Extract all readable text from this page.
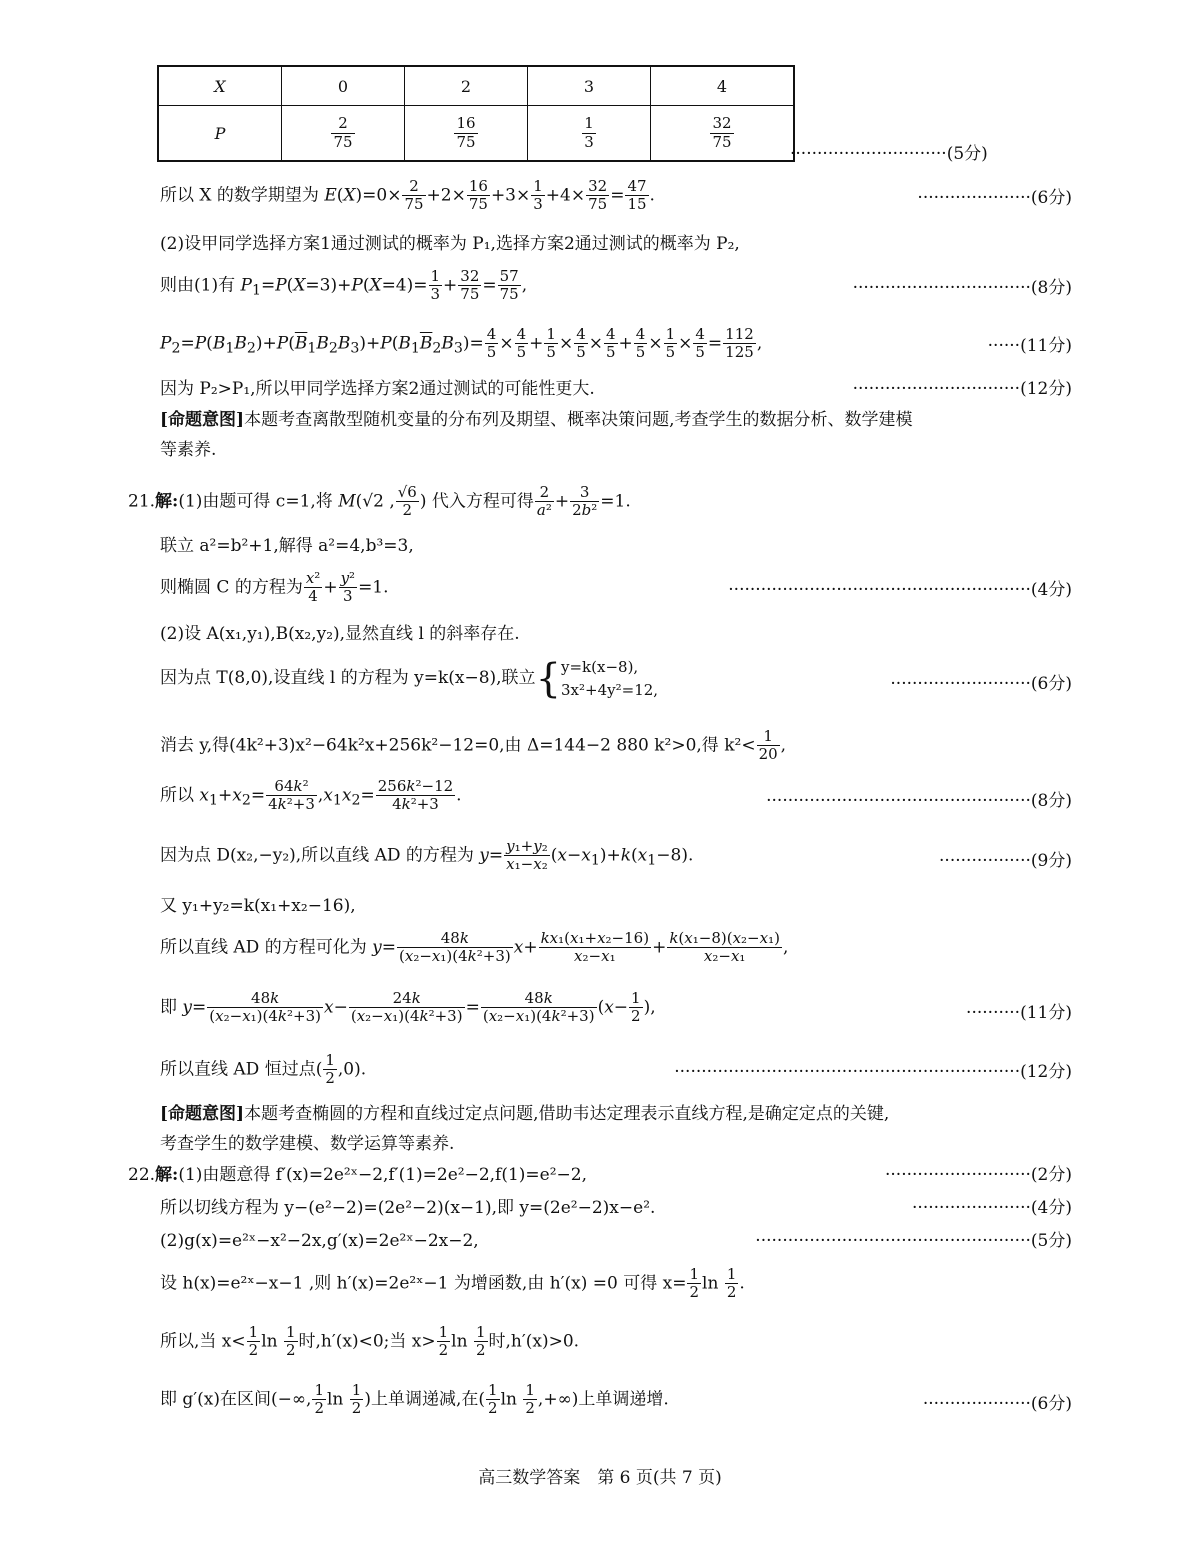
X	0	2	3	4
P	$\frac{2}{75}$	$\frac{16}{75}$	$\frac{1}{3}$	$\frac{32}{75}$
·····························(5分)
所以 X 的数学期望为 $E(X)=0\times \frac{2}{75} +2\times \frac{16}{75} +3\times \frac{1}{3} +4\times \frac{32}{75} = \frac{47}{15}$ .	·····················(6分)
(2)设甲同学选择方案1通过测试的概率为 P₁,选择方案2通过测试的概率为 P₂,
则由(1)有 $P_1=P(X=3)+P(X=4)= \frac{1}{3} + \frac{32}{75} = \frac{57}{75}$ ,	·································(8分)
$P_2=P(B_1B_2)+P(\overline{B}_1B_2B_3)+P(B_1\overline{B}_2B_3)= \frac{4}{5} \times \frac{4}{5} + \frac{1}{5} \times \frac{4}{5} \times \frac{4}{5} + \frac{4}{5} \times \frac{1}{5} \times \frac{4}{5} = \frac{112}{125}$ ,	······(11分)
因为 P₂>P₁,所以甲同学选择方案2通过测试的可能性更大.	·······························(12分)
[命题意图]本题考查离散型随机变量的分布列及期望、概率决策问题,考查学生的数据分析、数学建模
等素养.
21.解:(1)由题可得 c=1,将 M(√2 , $\frac{√6}{2}$ ) 代入方程可得 $\frac{2}{\text{a²}} + \frac{3}{\text{2b²}} =1$.
联立 a²=b²+1,解得 a²=4,b³=3,
则椭圆 C 的方程为 $\frac{\text{x²}}{4} + \frac{\text{y²}}{3} =1$.	························································(4分)
(2)设 A(x₁,y₁),B(x₂,y₂),显然直线 l 的斜率存在.
因为点 T(8,0),设直线 l 的方程为 y=k(x−8),联立{y=k(x−8),
3x²+4y²=12,	··························(6分)
消去 y,得(4k²+3)x²−64k²x+256k²−12=0,由 Δ=144−2 880 k²>0,得 $k^2< \frac{1}{20}$ ,
所以 $x_1+x_2= \frac{\text{64k²}}{\text{4k²+3}} ,x_1x_2= \frac{\text{256k²−12}}{\text{4k²+3}}$ .	·················································(8分)
因为点 D(x₂,−y₂),所以直线 AD 的方程为 $y= \frac{\text{y₁+y₂}}{\text{x₁−x₂}} (x-x_1)+k(x_1-8)$.	·················(9分)
又 y₁+y₂=k(x₁+x₂−16),
所以直线 AD 的方程可化为 $y= \frac{48k}{\text{(x₂−x₁)(4k²+3)}} x+ \frac{\text{kx₁(x₁+x₂−16)}}{\text{x₂−x₁}} + \frac{\text{k(x₁−8)(x₂−x₁)}}{\text{x₂−x₁}}$ ,
即 $y= \frac{48k}{\text{(x₂−x₁)(4k²+3)}} x- \frac{24k}{\text{(x₂−x₁)(4k²+3)}} = \frac{48k}{\text{(x₂−x₁)(4k²+3)}} (x- \frac{1}{2}$ ),	··········(11分)
所以直线 AD 恒过点( $\frac{1}{2} ,0$).	································································(12分)
[命题意图]本题考查椭圆的方程和直线过定点问题,借助韦达定理表示直线方程,是确定定点的关键,
考查学生的数学建模、数学运算等素养.
22.解:(1)由题意得 f′(x)=2e²ˣ−2,f′(1)=2e²−2,f(1)=e²−2,	···························(2分)
所以切线方程为 y−(e²−2)=(2e²−2)(x−1),即 y=(2e²−2)x−e².	······················(4分)
(2)g(x)=e²ˣ−x²−2x,g′(x)=2e²ˣ−2x−2,	···················································(5分)
设 h(x)=e²ˣ−x−1 ,则 h′(x)=2e²ˣ−1 为增函数,由 h′(x) =0 可得 $x= \frac{1}{2}$ $\ln \frac{1}{2}$ .
所以,当 $x< \frac{1}{2}$ $\ln \frac{1}{2}$ 时,h′(x)<0;当 $x> \frac{1}{2}$ $\ln \frac{1}{2}$ 时,h′(x)>0.
即 g′(x)在区间(−∞, $\frac{1}{2}$ $\ln \frac{1}{2}$ )上单调递减,在( $\frac{1}{2}$ $\ln \frac{1}{2}$ ,+∞)上单调递增.	····················(6分)
高三数学答案　第 6 页(共 7 页)
